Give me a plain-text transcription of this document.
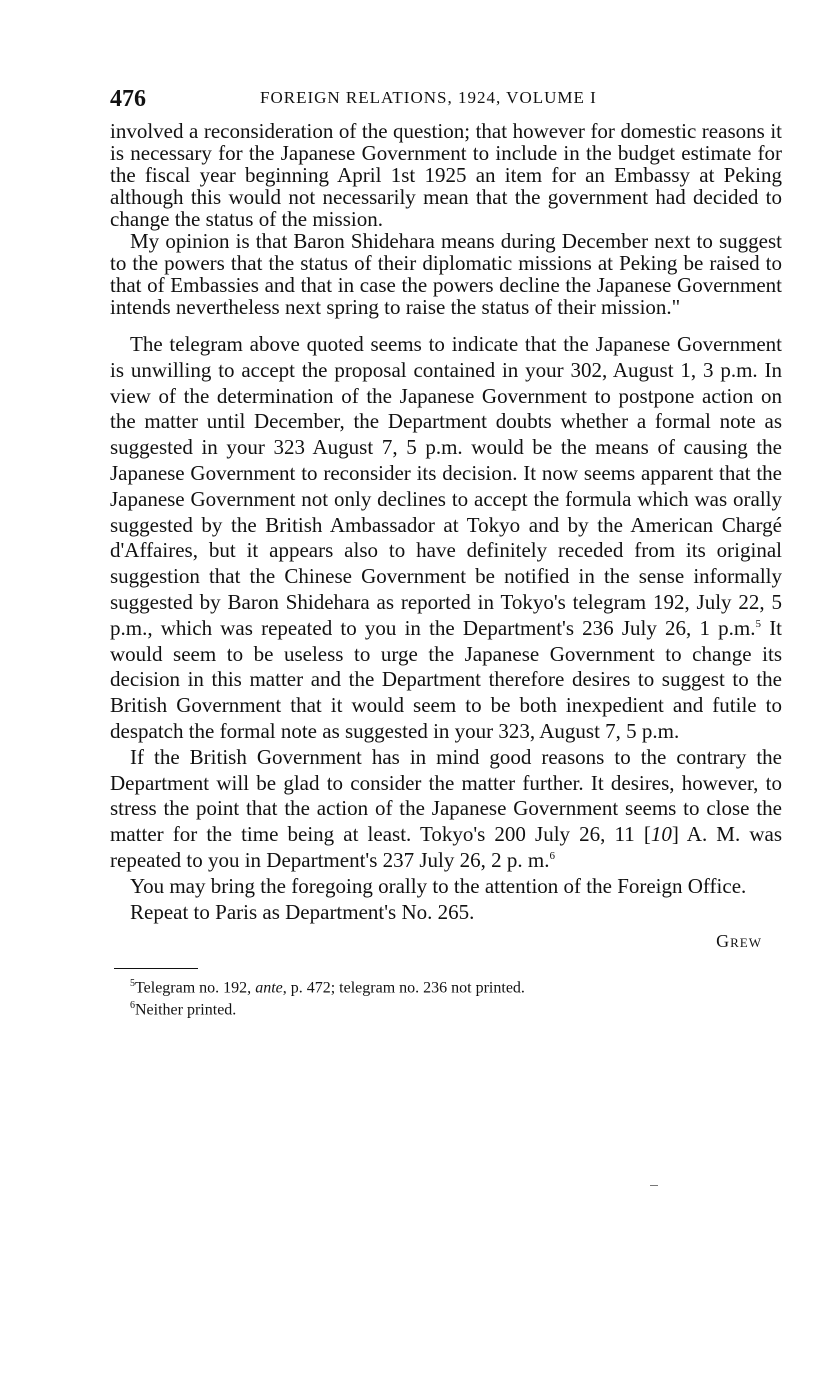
476	FOREIGN RELATIONS, 1924, VOLUME I

involved a reconsideration of the question; that however for domestic reasons it is necessary for the Japanese Government to include in the budget estimate for the fiscal year beginning April 1st 1925 an item for an Embassy at Peking although this would not necessarily mean that the government had decided to change the status of the mission.

My opinion is that Baron Shidehara means during December next to suggest to the powers that the status of their diplomatic missions at Peking be raised to that of Embassies and that in case the powers decline the Japanese Government intends nevertheless next spring to raise the status of their mission."

The telegram above quoted seems to indicate that the Japanese Government is unwilling to accept the proposal contained in your 302, August 1, 3 p.m. In view of the determination of the Japanese Government to postpone action on the matter until December, the Department doubts whether a formal note as suggested in your 323 August 7, 5 p.m. would be the means of causing the Japanese Government to reconsider its decision. It now seems apparent that the Japanese Government not only declines to accept the formula which was orally suggested by the British Ambassador at Tokyo and by the American Chargé d'Affaires, but it appears also to have definitely receded from its original suggestion that the Chinese Government be notified in the sense informally suggested by Baron Shidehara as reported in Tokyo's telegram 192, July 22, 5 p.m., which was repeated to you in the Department's 236 July 26, 1 p.m.$^5$ It would seem to be useless to urge the Japanese Government to change its decision in this matter and the Department therefore desires to suggest to the British Government that it would seem to be both inexpedient and futile to despatch the formal note as suggested in your 323, August 7, 5 p.m.

If the British Government has in mind good reasons to the contrary the Department will be glad to consider the matter further. It desires, however, to stress the point that the action of the Japanese Government seems to close the matter for the time being at least. Tokyo's 200 July 26, 11 [10] A. M. was repeated to you in Department's 237 July 26, 2 p. m.$^6$

You may bring the foregoing orally to the attention of the Foreign Office.

Repeat to Paris as Department's No. 265.

Grew
$^5$Telegram no. 192, ante, p. 472; telegram no. 236 not printed.
$^6$Neither printed.
